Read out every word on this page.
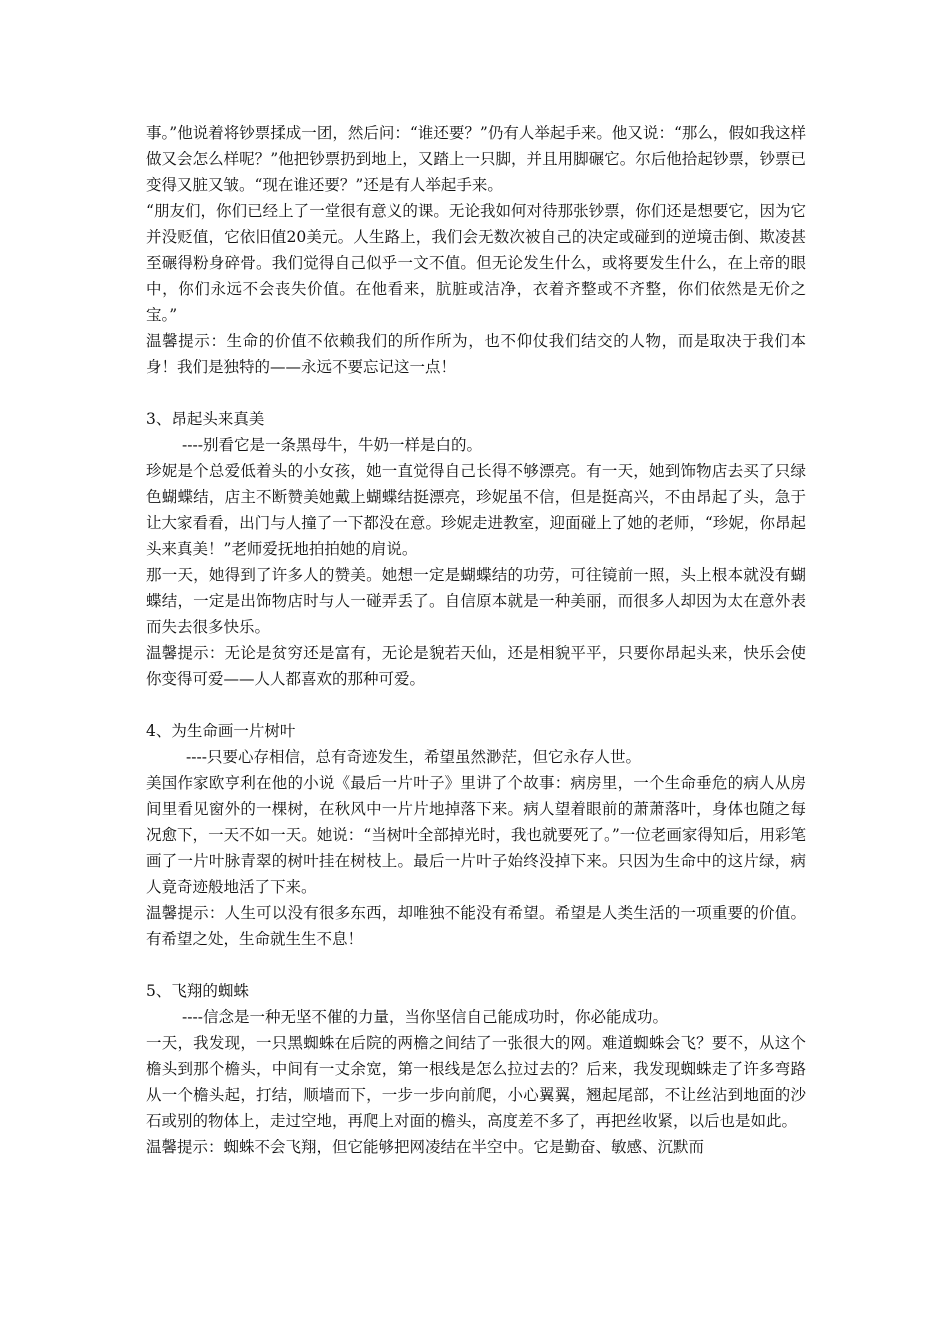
事。”他说着将钞票揉成一团，然后问：“谁还要？”仍有人举起手来。他又说：“那么，假如我这样做又会怎么样呢？”他把钞票扔到地上，又踏上一只脚，并且用脚碾它。尔后他拾起钞票，钞票已变得又脏又皱。“现在谁还要？”还是有人举起手来。

“朋友们，你们已经上了一堂很有意义的课。无论我如何对待那张钞票，你们还是想要它，因为它并没贬值，它依旧值20美元。人生路上，我们会无数次被自己的决定或碰到的逆境击倒、欺凌甚至碾得粉身碎骨。我们觉得自己似乎一文不值。但无论发生什么，或将要发生什么，在上帝的眼中，你们永远不会丧失价值。在他看来，肮脏或洁净，衣着齐整或不齐整，你们依然是无价之宝。”

温馨提示：生命的价值不依赖我们的所作所为，也不仰仗我们结交的人物，而是取决于我们本身！我们是独特的——永远不要忘记这一点！

3、昂起头来真美

----别看它是一条黑母牛，牛奶一样是白的。

珍妮是个总爱低着头的小女孩，她一直觉得自己长得不够漂亮。有一天，她到饰物店去买了只绿色蝴蝶结，店主不断赞美她戴上蝴蝶结挺漂亮，珍妮虽不信，但是挺高兴，不由昂起了头，急于让大家看看，出门与人撞了一下都没在意。珍妮走进教室，迎面碰上了她的老师，“珍妮，你昂起头来真美！”老师爱抚地拍拍她的肩说。

那一天，她得到了许多人的赞美。她想一定是蝴蝶结的功劳，可往镜前一照，头上根本就没有蝴蝶结，一定是出饰物店时与人一碰弄丢了。自信原本就是一种美丽，而很多人却因为太在意外表而失去很多快乐。

温馨提示：无论是贫穷还是富有，无论是貌若天仙，还是相貌平平，只要你昂起头来，快乐会使你变得可爱——人人都喜欢的那种可爱。

4、为生命画一片树叶

----只要心存相信，总有奇迹发生，希望虽然渺茫，但它永存人世。

美国作家欧亨利在他的小说《最后一片叶子》里讲了个故事：病房里，一个生命垂危的病人从房间里看见窗外的一棵树，在秋风中一片片地掉落下来。病人望着眼前的萧萧落叶，身体也随之每况愈下，一天不如一天。她说：“当树叶全部掉光时，我也就要死了。”一位老画家得知后，用彩笔画了一片叶脉青翠的树叶挂在树枝上。最后一片叶子始终没掉下来。只因为生命中的这片绿，病人竟奇迹般地活了下来。

温馨提示：人生可以没有很多东西，却唯独不能没有希望。希望是人类生活的一项重要的价值。有希望之处，生命就生生不息！

5、飞翔的蜘蛛

----信念是一种无坚不催的力量，当你坚信自己能成功时，你必能成功。

一天，我发现，一只黑蜘蛛在后院的两檐之间结了一张很大的网。难道蜘蛛会飞？要不，从这个檐头到那个檐头，中间有一丈余宽，第一根线是怎么拉过去的？后来，我发现蜘蛛走了许多弯路 从一个檐头起，打结，顺墙而下，一步一步向前爬，小心翼翼，翘起尾部，不让丝沾到地面的沙石或别的物体上，走过空地，再爬上对面的檐头，高度差不多了，再把丝收紧，以后也是如此。

温馨提示：蜘蛛不会飞翔，但它能够把网凌结在半空中。它是勤奋、敏感、沉默而
